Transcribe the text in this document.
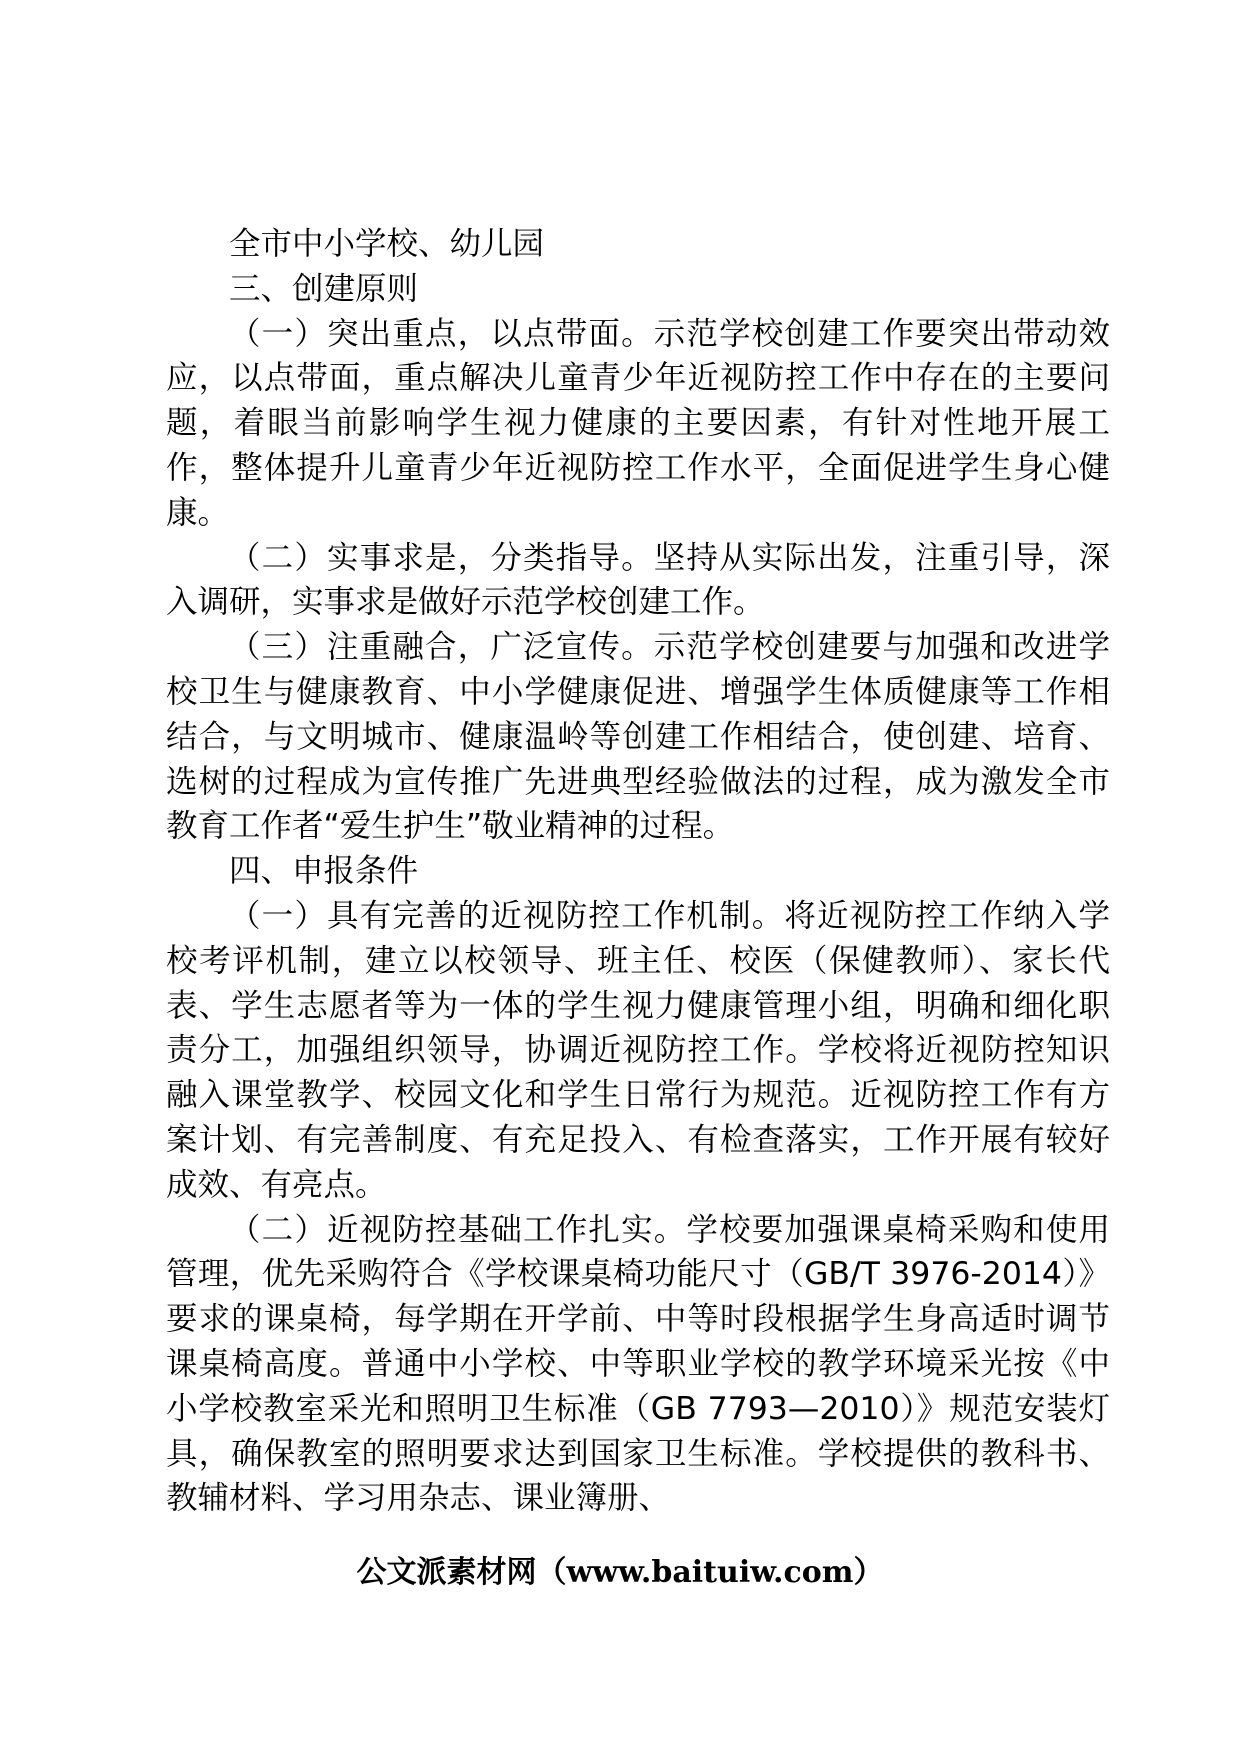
全市中小学校、幼儿园

三、创建原则

（一）突出重点，以点带面。示范学校创建工作要突出带动效应，以点带面，重点解决儿童青少年近视防控工作中存在的主要问题，着眼当前影响学生视力健康的主要因素，有针对性地开展工作，整体提升儿童青少年近视防控工作水平，全面促进学生身心健康。

（二）实事求是，分类指导。坚持从实际出发，注重引导，深入调研，实事求是做好示范学校创建工作。

（三）注重融合，广泛宣传。示范学校创建要与加强和改进学校卫生与健康教育、中小学健康促进、增强学生体质健康等工作相结合，与文明城市、健康温岭等创建工作相结合，使创建、培育、选树的过程成为宣传推广先进典型经验做法的过程，成为激发全市教育工作者“爱生护生”敬业精神的过程。

四、申报条件

（一）具有完善的近视防控工作机制。将近视防控工作纳入学校考评机制，建立以校领导、班主任、校医（保健教师）、家长代表、学生志愿者等为一体的学生视力健康管理小组，明确和细化职责分工，加强组织领导，协调近视防控工作。学校将近视防控知识融入课堂教学、校园文化和学生日常行为规范。近视防控工作有方案计划、有完善制度、有充足投入、有检查落实，工作开展有较好成效、有亮点。

（二）近视防控基础工作扎实。学校要加强课桌椅采购和使用管理，优先采购符合《学校课桌椅功能尺寸（GB/T 3976-2014）》要求的课桌椅，每学期在开学前、中等时段根据学生身高适时调节课桌椅高度。普通中小学校、中等职业学校的教学环境采光按《中小学校教室采光和照明卫生标准（GB 7793—2010）》规范安装灯具，确保教室的照明要求达到国家卫生标准。学校提供的教科书、教辅材料、学习用杂志、课业簿册、

公文派素材网（www.baituiw.com）
